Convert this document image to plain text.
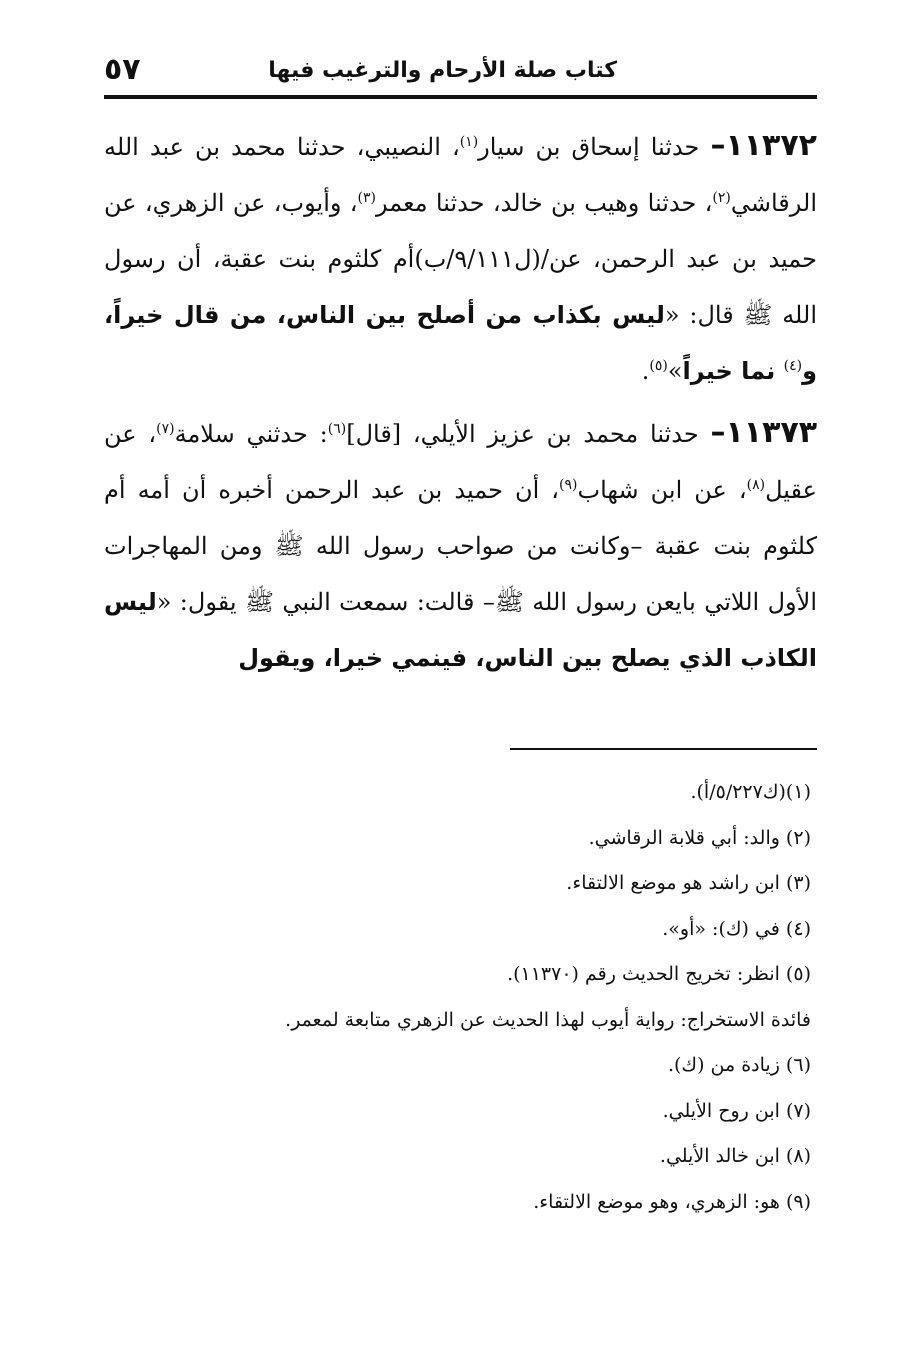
كتاب صلة الأرحام والترغيب فيها
٥٧

١١٣٧٢– حدثنا إسحاق بن سيار$^{(١)}$، النصيبي، حدثنا محمد بن عبد الله الرقاشي$^{(٢)}$، حدثنا وهيب بن خالد، حدثنا معمر$^{(٣)}$، وأيوب، عن الزهري، عن حميد بن عبد الرحمن، عن/(ل٩/١١١/ب)أم كلثوم بنت عقبة، أن رسول الله ﷺ قال: «ليس بكذاب من أصلح بين الناس، من قال خيراً، و$^{(٤)}$ نما خيراً»$^{(٥)}$.

١١٣٧٣– حدثنا محمد بن عزيز الأيلي، [قال]$^{(٦)}$: حدثني سلامة$^{(٧)}$، عن عقيل$^{(٨)}$، عن ابن شهاب$^{(٩)}$، أن حميد بن عبد الرحمن أخبره أن أمه أم كلثوم بنت عقبة –وكانت من صواحب رسول الله ﷺ ومن المهاجرات الأول اللاتي بايعن رسول الله ﷺ– قالت: سمعت النبي ﷺ يقول: «ليس الكاذب الذي يصلح بين الناس، فينمي خيرا، ويقول

(١)(ك٥/٢٢٧/أ).

(٢) والد: أبي قلابة الرقاشي.

(٣) ابن راشد هو موضع الالتقاء.

(٤) في (ك): «أو».

(٥) انظر: تخريج الحديث رقم (١١٣٧٠).

فائدة الاستخراج: رواية أيوب لهذا الحديث عن الزهري متابعة لمعمر.

(٦) زيادة من (ك).

(٧) ابن روح الأيلي.

(٨) ابن خالد الأيلي.

(٩) هو: الزهري، وهو موضع الالتقاء.
